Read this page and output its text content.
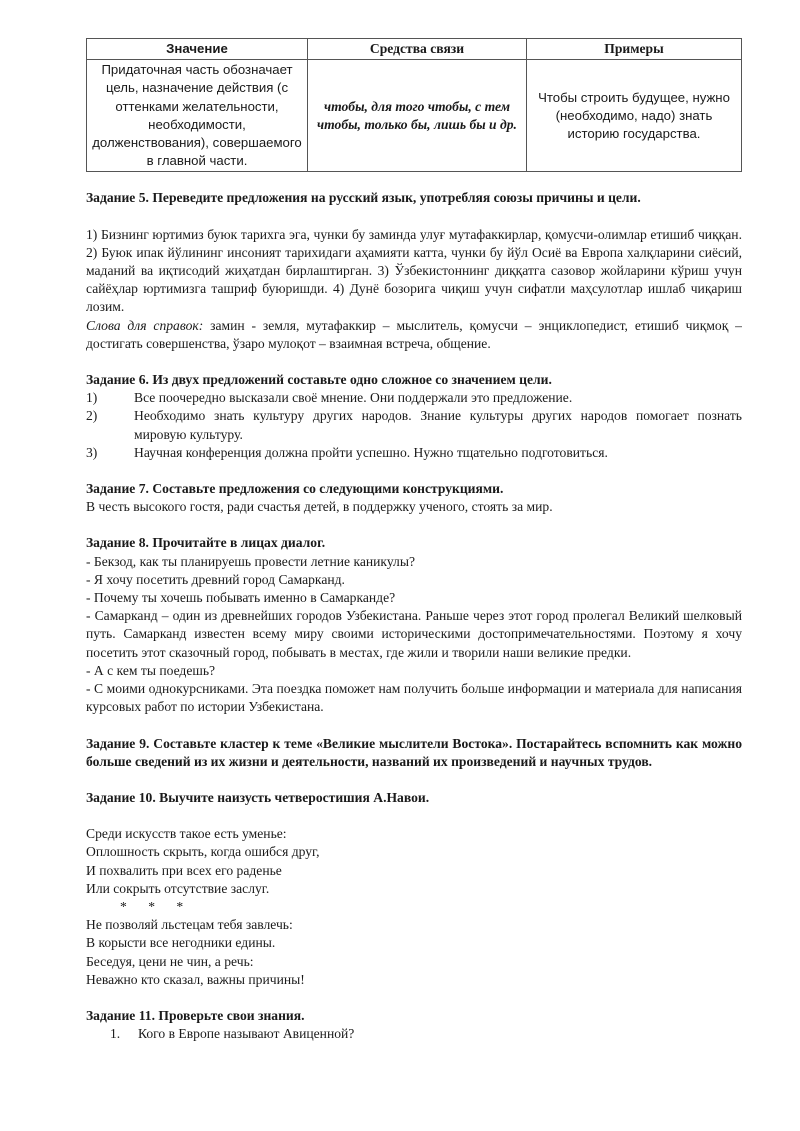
Значение	Средства связи	Примеры
Придаточная часть обозначает цель, назначение действия (с оттенками желательности, необходимости, долженствования), совершаемого в главной части.	чтобы, для того чтобы, с тем чтобы, только бы, лишь бы и др.	Чтобы строить будущее, нужно (необходимо, надо) знать историю государства.

Задание 5. Переведите предложения на русский язык, употребляя союзы причины и цели.

1) Бизнинг юртимиз буюк тарихга эга, чунки бу заминда улуғ мутафаккирлар, қомусчи-олимлар етишиб чиққан. 2) Буюк ипак йўлининг инсоният тарихидаги аҳамияти катта, чунки бу йўл Осиё ва Европа халқларини сиёсий, маданий ва иқтисодий жиҳатдан бирлаштирган. 3) Ўзбекистоннинг диққатга сазовор жойларини кўриш учун сайёҳлар юртимизга ташриф буюришди. 4) Дунё бозорига чиқиш учун сифатли маҳсулотлар ишлаб чиқариш лозим.

Слова для справок: замин - земля, мутафаккир – мыслитель, қомусчи – энциклопедист, етишиб чиқмоқ – достигать совершенства, ўзаро мулоқот – взаимная встреча, общение.

Задание 6. Из двух предложений составьте одно сложное со значением цели.

1)	Все поочередно высказали своё мнение. Они поддержали это предложение.
2)	Необходимо знать культуру других народов. Знание культуры других народов помогает познать мировую культуру.
3)	Научная конференция должна пройти успешно. Нужно тщательно подготовиться.

Задание 7. Составьте предложения со следующими конструкциями.

В честь высокого гостя, ради счастья детей, в поддержку ученого, стоять за мир.

Задание 8. Прочитайте в лицах диалог.

- Бекзод, как ты планируешь провести летние каникулы?

- Я хочу посетить древний город Самарканд.

- Почему ты хочешь побывать именно в Самарканде?

- Самарканд – один из древнейших городов Узбекистана. Раньше через этот город пролегал Великий шелковый путь. Самарканд известен всему миру своими историческими достопримечательностями. Поэтому я хочу посетить этот сказочный город, побывать в местах, где жили и творили наши великие предки.

- А с кем ты поедешь?

- С моими однокурсниками. Эта поездка поможет нам получить больше информации и материала для написания курсовых работ по истории Узбекистана.

Задание 9. Составьте кластер к теме «Великие мыслители Востока». Постарайтесь вспомнить как можно больше сведений из их жизни и деятельности, названий их произведений и научных трудов.

Задание 10. Выучите наизусть четверостишия А.Навои.

Среди искусств такое есть уменье:

Оплошность скрыть, когда ошибся друг,

И похвалить при всех его раденье

Или сокрыть отсутствие заслуг.

* * *

Не позволяй льстецам тебя завлечь:

В корысти все негодники едины.

Беседуя, цени не чин, а речь:

Неважно кто сказал, важны причины!

Задание 11. Проверьте свои знания.

1.	Кого в Европе называют Авиценной?
